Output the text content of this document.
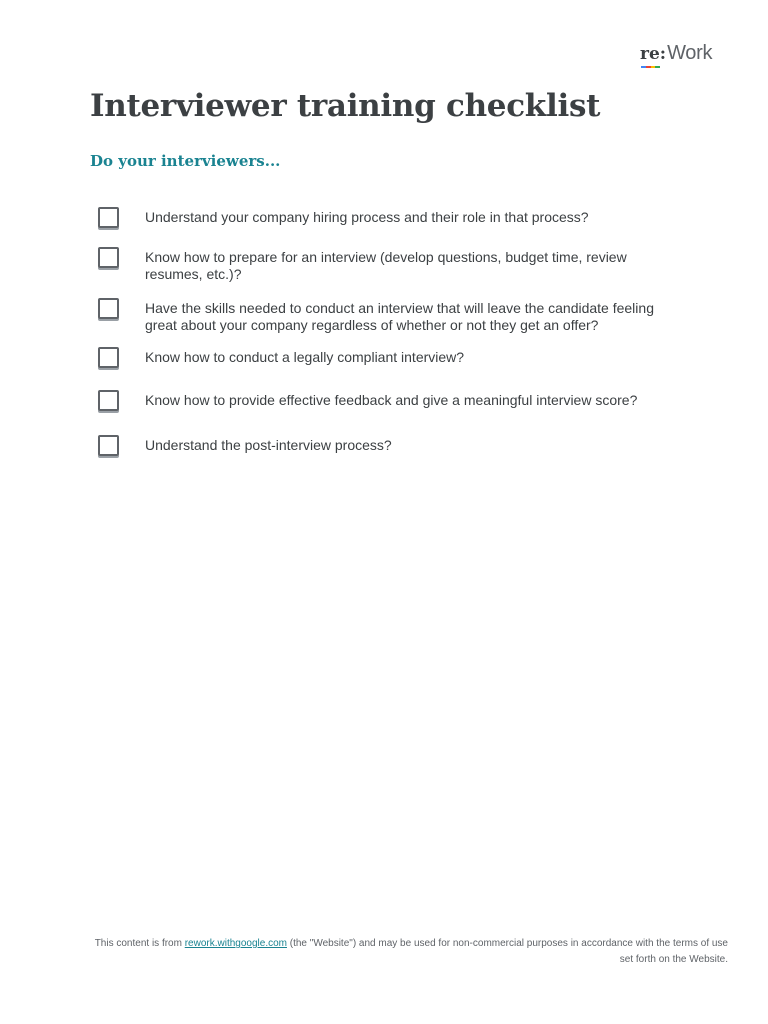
re : Work
Interviewer training checklist
Do your interviewers...
Understand your company hiring process and their role in that process?
Know how to prepare for an interview (develop questions, budget time, review resumes, etc.)?
Have the skills needed to conduct an interview that will leave the candidate feeling great about your company regardless of whether or not they get an offer?
Know how to conduct a legally compliant interview?
Know how to provide effective feedback and give a meaningful interview score?
Understand the post-interview process?
This content is from rework.withgoogle.com (the "Website") and may be used for non-commercial purposes in accordance with the terms of use set forth on the Website.
